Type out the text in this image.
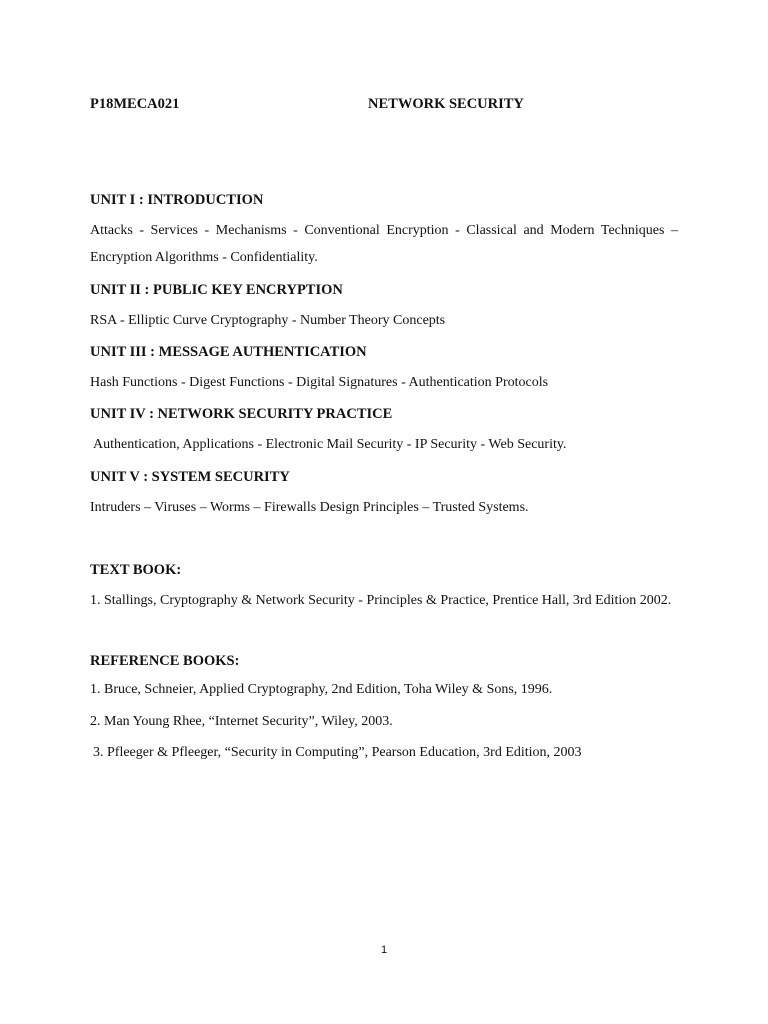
P18MECA021	NETWORK SECURITY
UNIT I : INTRODUCTION
Attacks - Services - Mechanisms - Conventional Encryption - Classical and Modern Techniques – Encryption Algorithms - Confidentiality.
UNIT II : PUBLIC KEY ENCRYPTION
RSA - Elliptic Curve Cryptography - Number Theory Concepts
UNIT III : MESSAGE AUTHENTICATION
Hash Functions - Digest Functions - Digital Signatures - Authentication Protocols
UNIT IV : NETWORK SECURITY PRACTICE
Authentication, Applications - Electronic Mail Security - IP Security - Web Security.
UNIT V : SYSTEM SECURITY
Intruders – Viruses – Worms – Firewalls Design Principles – Trusted Systems.
TEXT BOOK:
1. Stallings, Cryptography & Network Security - Principles & Practice, Prentice Hall, 3rd Edition 2002.
REFERENCE BOOKS:
1. Bruce, Schneier, Applied Cryptography, 2nd Edition, Toha Wiley & Sons, 1996.
2. Man Young Rhee, “Internet Security”, Wiley, 2003.
3. Pfleeger & Pfleeger, “Security in Computing”, Pearson Education, 3rd Edition, 2003
1
